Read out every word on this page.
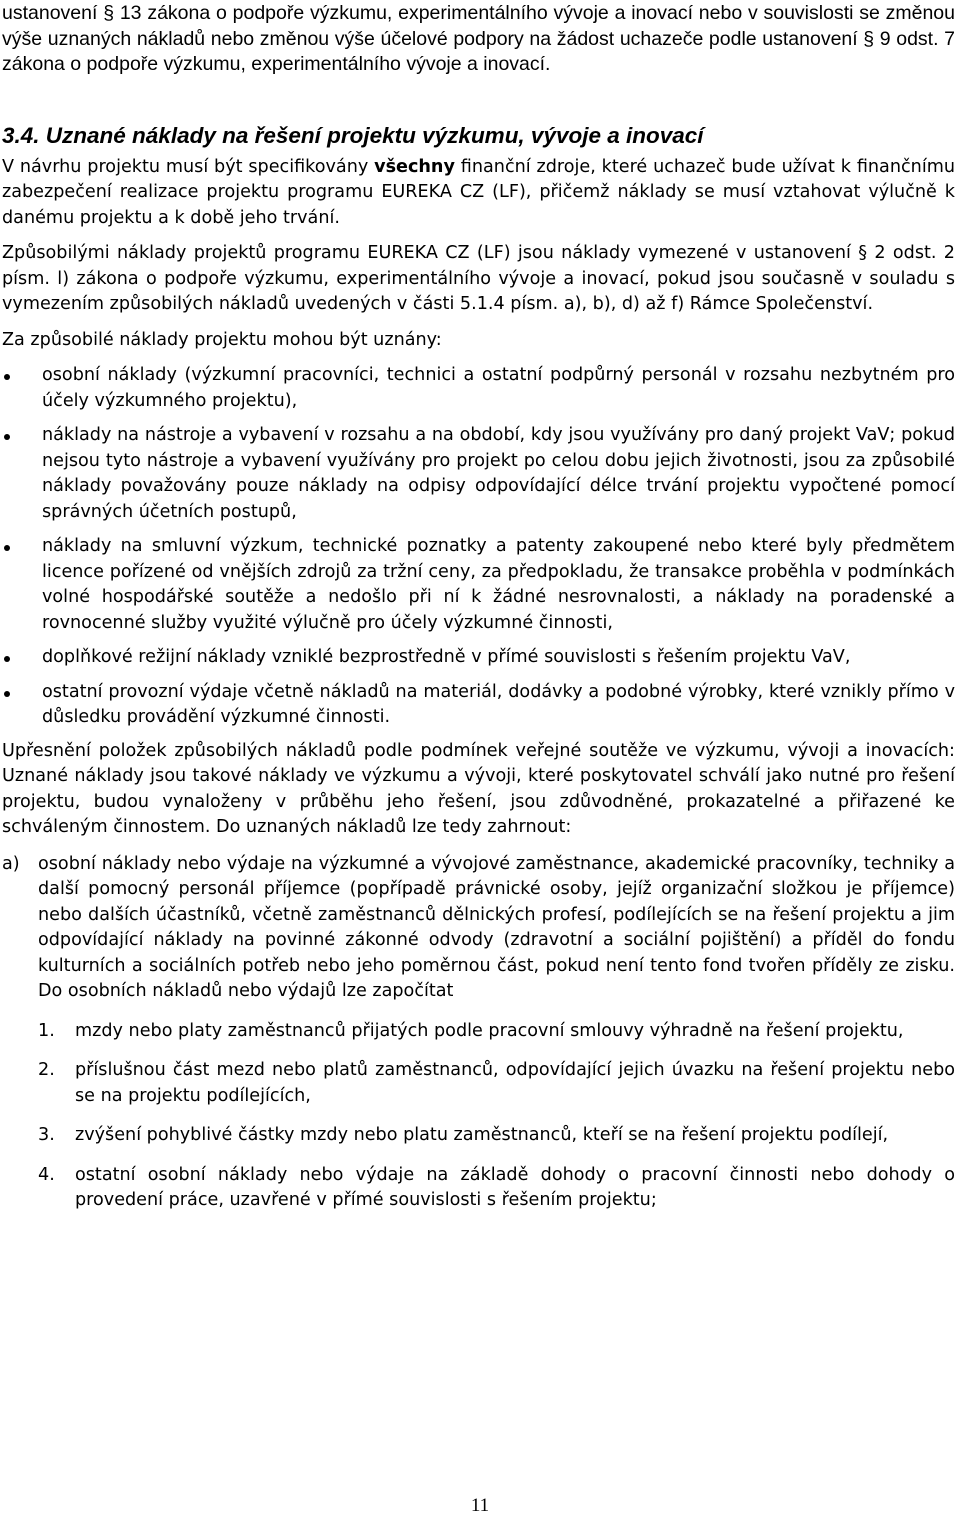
ustanovení § 13 zákona o podpoře výzkumu, experimentálního vývoje a inovací nebo v souvislosti se změnou výše uznaných nákladů nebo změnou výše účelové podpory na žádost uchazeče podle ustanovení § 9 odst. 7 zákona o podpoře výzkumu, experimentálního vývoje a inovací.

3.4. Uznané náklady na řešení projektu výzkumu, vývoje a inovací

V návrhu projektu musí být specifikovány všechny finanční zdroje, které uchazeč bude užívat k finančnímu zabezpečení realizace projektu programu EUREKA CZ (LF), přičemž náklady se musí vztahovat výlučně k danému projektu a k době jeho trvání.

Způsobilými náklady projektů programu EUREKA CZ (LF) jsou náklady vymezené v ustanovení § 2 odst. 2 písm. l) zákona o podpoře výzkumu, experimentálního vývoje a inovací, pokud jsou současně v souladu s vymezením způsobilých nákladů uvedených v části 5.1.4 písm. a), b), d) až f) Rámce Společenství.

Za způsobilé náklady projektu mohou být uznány:

osobní náklady (výzkumní pracovníci, technici a ostatní podpůrný personál v rozsahu nezbytném pro účely výzkumného projektu),

náklady na nástroje a vybavení v rozsahu a na období, kdy jsou využívány pro daný projekt VaV; pokud nejsou tyto nástroje a vybavení využívány pro projekt po celou dobu jejich životnosti, jsou za způsobilé náklady považovány pouze náklady na odpisy odpovídající délce trvání projektu vypočtené pomocí správných účetních postupů,

náklady na smluvní výzkum, technické poznatky a patenty zakoupené nebo které byly předmětem licence pořízené od vnějších zdrojů za tržní ceny, za předpokladu, že transakce proběhla v podmínkách volné hospodářské soutěže a nedošlo při ní k žádné nesrovnalosti, a náklady na poradenské a rovnocenné služby využité výlučně pro účely výzkumné činnosti,

doplňkové režijní náklady vzniklé bezprostředně v přímé souvislosti s řešením projektu VaV,

ostatní provozní výdaje včetně nákladů na materiál, dodávky a podobné výrobky, které vznikly přímo v důsledku provádění výzkumné činnosti.

Upřesnění položek způsobilých nákladů podle podmínek veřejné soutěže ve výzkumu, vývoji a inovacích: Uznané náklady jsou takové náklady ve výzkumu a vývoji, které poskytovatel schválí jako nutné pro řešení projektu, budou vynaloženy v průběhu jeho řešení, jsou zdůvodněné, prokazatelné a přiřazené ke schváleným činnostem. Do uznaných nákladů lze tedy zahrnout:

a) osobní náklady nebo výdaje na výzkumné a vývojové zaměstnance, akademické pracovníky, techniky a další pomocný personál příjemce (popřípadě právnické osoby, jejíž organizační složkou je příjemce) nebo dalších účastníků, včetně zaměstnanců dělnických profesí, podílejících se na řešení projektu a jim odpovídající náklady na povinné zákonné odvody (zdravotní a sociální pojištění) a příděl do fondu kulturních a sociálních potřeb nebo jeho poměrnou část, pokud není tento fond tvořen příděly ze zisku. Do osobních nákladů nebo výdajů lze započítat

1. mzdy nebo platy zaměstnanců přijatých podle pracovní smlouvy výhradně na řešení projektu,

2. příslušnou část mezd nebo platů zaměstnanců, odpovídající jejich úvazku na řešení projektu nebo se na projektu podílejících,

3. zvýšení pohyblivé částky mzdy nebo platu zaměstnanců, kteří se na řešení projektu podílejí,

4. ostatní osobní náklady nebo výdaje na základě dohody o pracovní činnosti nebo dohody o provedení práce, uzavřené v přímé souvislosti s řešením projektu;

11
